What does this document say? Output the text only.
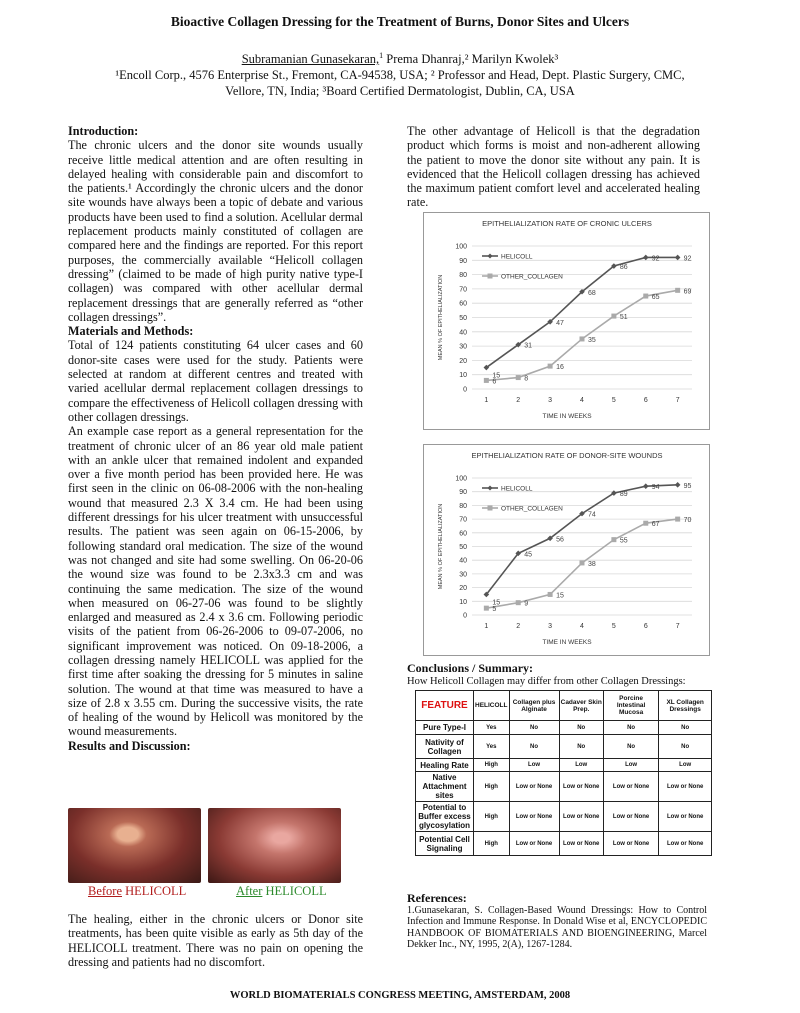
Bioactive Collagen Dressing for the Treatment of Burns, Donor Sites and Ulcers
Subramanian Gunasekaran,$^1$ Prema Dhanraj,² Marilyn Kwolek³
¹Encoll Corp., 4576 Enterprise St., Fremont, CA-94538, USA; ² Professor and Head, Dept. Plastic Surgery, CMC,
Vellore, TN, India; ³Board Certified Dermatologist, Dublin, CA, USA
Introduction:
The chronic ulcers and the donor site wounds usually receive little medical attention and are often resulting in delayed healing with considerable pain and discomfort to the patients.¹ Accordingly the chronic ulcers and the donor site wounds have always been a topic of debate and various products have been used to find a solution. Acellular dermal replacement products mainly constituted of collagen are compared here and the findings are reported. For this report purposes, the commercially available “Helicoll collagen dressing” (claimed to be made of high purity native type-I collagen) was compared with other acellular dermal replacement dressings that are generally referred as “other collagen dressings”.
Materials and Methods:
Total of 124 patients constituting 64 ulcer cases and 60 donor-site cases were used for the study. Patients were selected at random at different centres and treated with varied acellular dermal replacement collagen dressings to compare the effectiveness of Helicoll collagen dressing with other collagen dressings.
An example case report as a general representation for the treatment of chronic ulcer of an 86 year old male patient with an ankle ulcer that remained indolent and expanded over a five month period has been provided here. He was first seen in the clinic on 06-08-2006 with the non-healing wound that measured 2.3 X 3.4 cm. He had been using different dressings for his ulcer treatment with unsuccessful results. The patient was seen again on 06-15-2006, by following standard oral medication. The size of the wound was not changed and site had some swelling. On 06-20-06 the wound size was found to be 2.3x3.3 cm and was continuing the same medication. The size of the wound when measured on 06-27-06 was found to be slightly enlarged and measured as 2.4 x 3.6 cm. Following periodic visits of the patient from 06-26-2006 to 09-07-2006, no significant improvement was noticed. On 09-18-2006, a collagen dressing namely HELICOLL was applied for the first time after soaking the dressing for 5 minutes in saline solution. The wound at that time was measured to have a size of 2.8 x 3.55 cm. During the successive visits, the rate of healing of the wound by Helicoll was monitored by the wound measurements.
Results and Discussion:
Before HELICOLL	After HELICOLL
The healing, either in the chronic ulcers or Donor site treatments, has been quite visible as early as 5th day of the HELICOLL treatment. There was no pain on opening the dressing and patients had no discomfort.
The other advantage of Helicoll is that the degradation product which forms is moist and non-adherent allowing the patient to move the donor site without any pain. It is evidenced that the Helicoll collagen dressing has achieved the maximum patient comfort level and accelerated healing rate.
EPITHELIALIZATION RATE OF CRONIC ULCERS
0
10
20
30
40
50
60
70
80
90
100
1	2	3	4	5	6	7
TIME IN WEEKS
MEAN % OF EPITHELIALIZATION
15
31
47
68
86
92	92
HELICOLL
6	8
16
35
51
65
69
OTHER_COLLAGEN
EPITHELIALIZATION RATE OF DONOR-SITE WOUNDS
0
10
20
30
40
50
60
70
80
90
100
1	2	3	4	5	6	7
TIME IN WEEKS
MEAN % OF EPITHELIALIZATION
15
45
56
74
89
94	95
HELICOLL
5
9
15
38
55
67
70
OTHER_COLLAGEN
Conclusions / Summary:
How Helicoll Collagen may differ from other Collagen Dressings:
FEATURE	HELICOLL	Collagen plus Alginate	Cadaver Skin Prep.	Porcine Intestinal Mucosa	XL Collagen Dressings
Pure Type-I	Yes	No	No	No	No
Nativity of Collagen	Yes	No	No	No	No
Healing Rate	High	Low	Low	Low	Low
Native Attachment sites	High	Low or None	Low or None	Low or None	Low or None
Potential to Buffer excess glycosylation	High	Low or None	Low or None	Low or None	Low or None
Potential Cell Signaling	High	Low or None	Low or None	Low or None	Low or None
References:
1.Gunasekaran, S. Collagen-Based Wound Dressings: How to Control Infection and Immune Response. In Donald Wise et al, ENCYCLOPEDIC HANDBOOK OF BIOMATERIALS AND BIOENGINEERING, Marcel Dekker Inc., NY, 1995, 2(A), 1267-1284.
WORLD BIOMATERIALS CONGRESS MEETING, AMSTERDAM, 2008
